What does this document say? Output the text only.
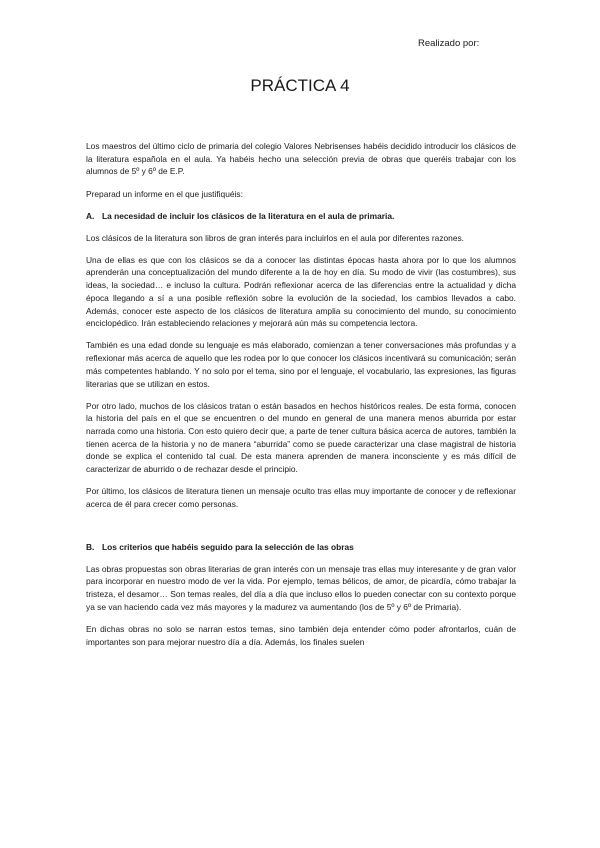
Realizado por:
PRÁCTICA 4

Los maestros del último ciclo de primaria del colegio Valores Nebrisenses habéis decidido introducir los clásicos de la literatura española en el aula. Ya habéis hecho una selección previa de obras que queréis trabajar con los alumnos de 5º y 6º de E.P.

Preparad un informe en el que justifiquéis:

A. La necesidad de incluir los clásicos de la literatura en el aula de primaria.

Los clásicos de la literatura son libros de gran interés para incluirlos en el aula por diferentes razones.

Una de ellas es que con los clásicos se da a conocer las distintas épocas hasta ahora por lo que los alumnos aprenderán una conceptualización del mundo diferente a la de hoy en día. Su modo de vivir (las costumbres), sus ideas, la sociedad… e incluso la cultura. Podrán reflexionar acerca de las diferencias entre la actualidad y dicha época llegando a sí a una posible reflexión sobre la evolución de la sociedad, los cambios llevados a cabo. Además, conocer este aspecto de los clásicos de literatura amplia su conocimiento del mundo, su conocimiento enciclopédico. Irán estableciendo relaciones y mejorará aún más su competencia lectora.

También es una edad donde su lenguaje es más elaborado, comienzan a tener conversaciones más profundas y a reflexionar más acerca de aquello que les rodea por lo que conocer los clásicos incentivará su comunicación; serán más competentes hablando. Y no solo por el tema, sino por el lenguaje, el vocabulario, las expresiones, las figuras literarias que se utilizan en estos.

Por otro lado, muchos de los clásicos tratan o están basados en hechos históricos reales. De esta forma, conocen la historia del país en el que se encuentren o del mundo en general de una manera menos aburrida por estar narrada como una historia. Con esto quiero decir que, a parte de tener cultura básica acerca de autores, también la tienen acerca de la historia y no de manera “aburrida” como se puede caracterizar una clase magistral de historia donde se explica el contenido tal cual. De esta manera aprenden de manera inconsciente y es más difícil de caracterizar de aburrido o de rechazar desde el principio.

Por último, los clásicos de literatura tienen un mensaje oculto tras ellas muy importante de conocer y de reflexionar acerca de él para crecer como personas.

B. Los criterios que habéis seguido para la selección de las obras

Las obras propuestas son obras literarias de gran interés con un mensaje tras ellas muy interesante y de gran valor para incorporar en nuestro modo de ver la vida. Por ejemplo, temas bélicos, de amor, de picardía, cómo trabajar la tristeza, el desamor… Son temas reales, del día a día que incluso ellos lo pueden conectar con su contexto porque ya se van haciendo cada vez más mayores y la madurez va aumentando (los de 5º y 6º de Primaria).

En dichas obras no solo se narran estos temas, sino también deja entender cómo poder afrontarlos, cuán de importantes son para mejorar nuestro día a día. Además, los finales suelen
